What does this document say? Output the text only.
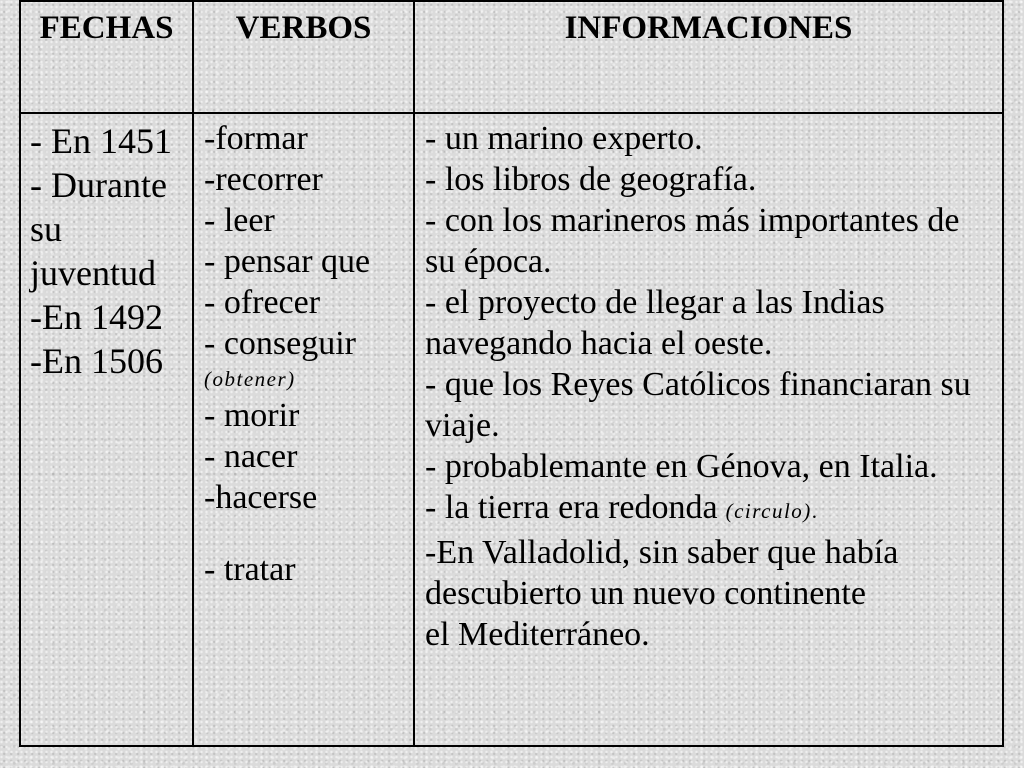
FECHAS	VERBOS	INFORMACIONES
- En 1451
- Durante
su
juventud
-En 1492
-En 1506
-formar
-recorrer
- leer
- pensar que
- ofrecer
- conseguir
(obtener)
- morir
- nacer
-hacerse
- tratar
- un marino experto.
- los libros de geografía.
- con los marineros más importantes de
su época.
- el proyecto de llegar a las Indias
navegando hacia el oeste.
- que los Reyes Católicos financiaran su
viaje.
- probablemante en Génova, en Italia.
- la tierra era redonda (circulo).
-En Valladolid, sin saber que había
descubierto un nuevo continente
el Mediterráneo.
